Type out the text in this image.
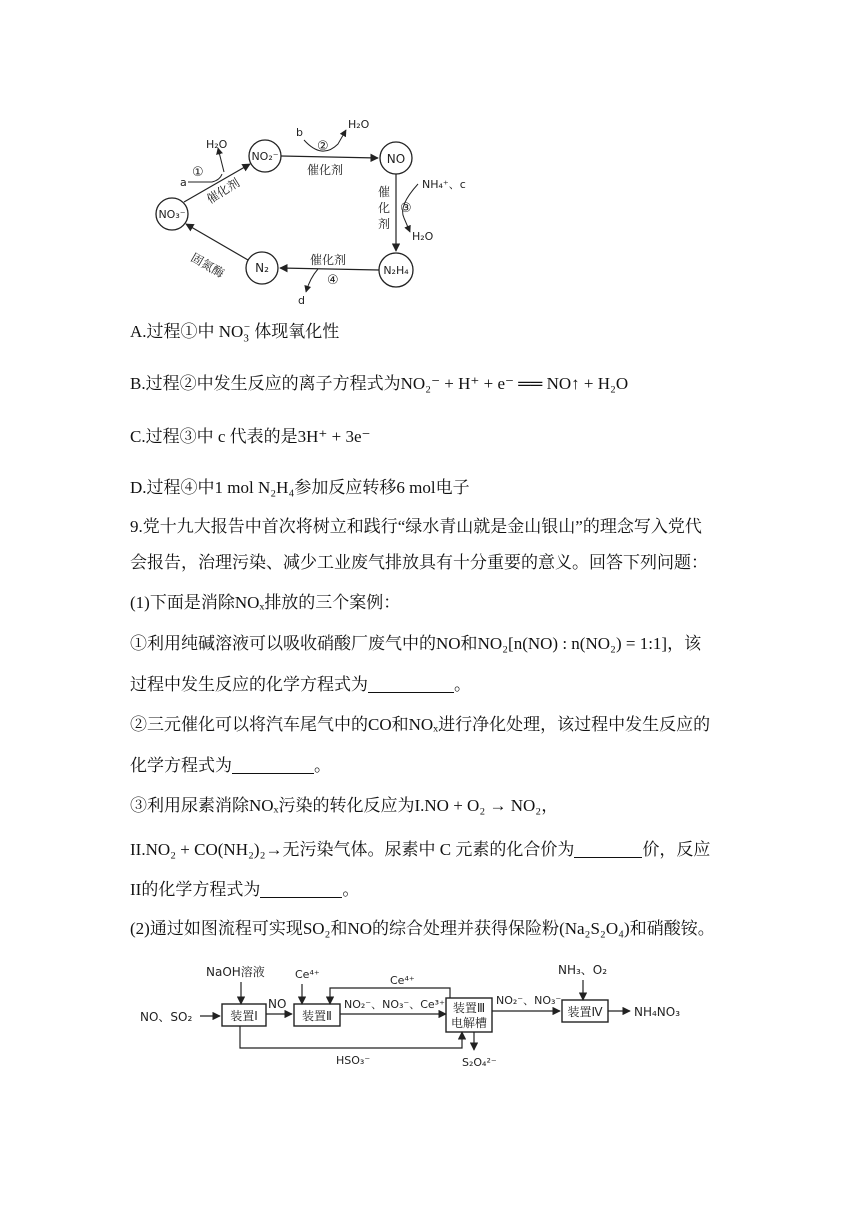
NO₃⁻
NO₂⁻	NO
N₂H₄
N₂
a
H₂O
①
催化剂
b
H₂O
②
催化剂
NH₄⁺、c
H₂O
③
催
化
剂
d
④
催化剂
固氮酶
A.过程①中 $NO_3^-$ 体现氧化性
B.过程②中发生反应的离子方程式为NO₂⁻ + H⁺ + e⁻ ══ NO↑ + H₂O
C.过程③中 c 代表的是3H⁺ + 3e⁻
D.过程④中1 mol N₂H₄参加反应转移6 mol电子
9.党十九大报告中首次将树立和践行“绿水青山就是金山银山”的理念写入党代
会报告，治理污染、减少工业废气排放具有十分重要的意义。回答下列问题：
(1)下面是消除NOₓ排放的三个案例：
①利用纯碱溶液可以吸收硝酸厂废气中的NO和NO₂[n(NO) : n(NO₂) = 1:1]，该
过程中发生反应的化学方程式为	。
②三元催化可以将汽车尾气中的CO和NOₓ进行净化处理，该过程中发生反应的
化学方程式为	。
③利用尿素消除NOₓ污染的转化反应为I.NO + O₂ → NO₂，
II.NO₂ + CO(NH₂)₂→无污染气体。尿素中 C 元素的化合价为	价，反应
II的化学方程式为	。
(2)通过如图流程可实现SO₂和NO的综合处理并获得保险粉(Na₂S₂O₄)和硝酸铵。
NO、SO₂
NaOH溶液
装置Ⅰ
NO
Ce⁴⁺
装置Ⅱ
Ce⁴⁺
NO₂⁻、NO₃⁻、Ce³⁺ 装置Ⅲ
电解槽
NO₂⁻、NO₃⁻
NH₃、O₂
装置Ⅳ	NH₄NO₃
HSO₃⁻	S₂O₄²⁻
